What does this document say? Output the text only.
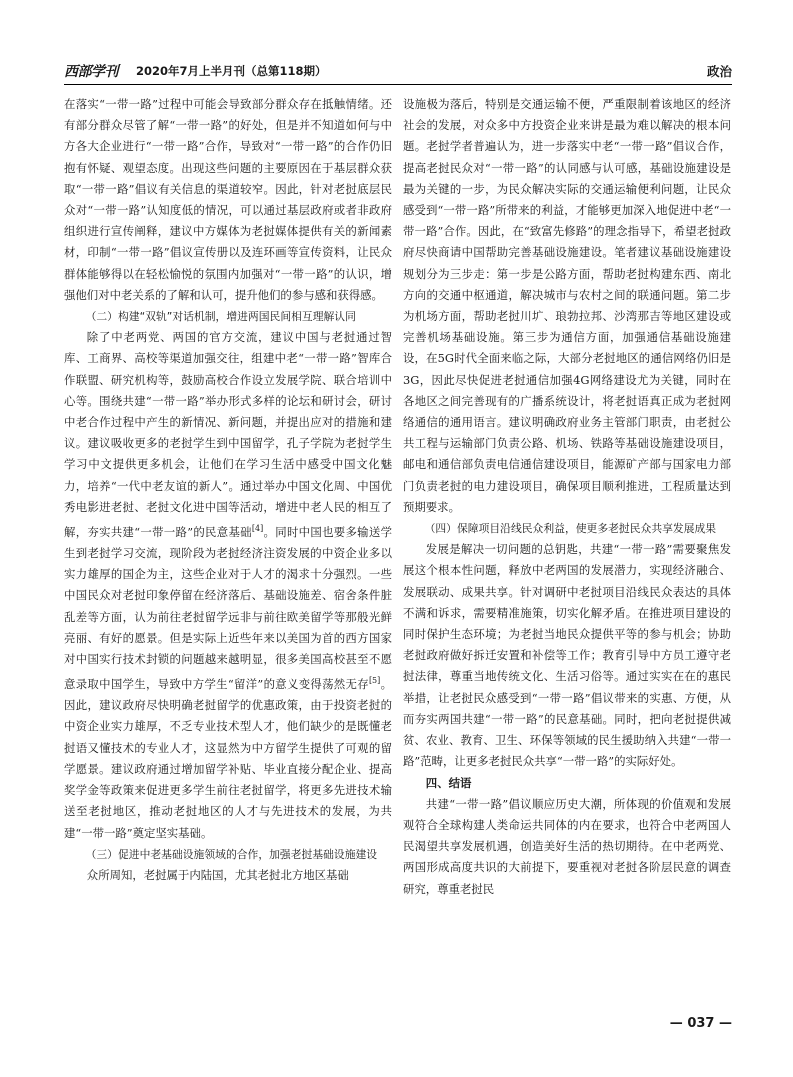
西部学刊 2020年7月上半月刊（总第118期）	政治

在落实“一带一路”过程中可能会导致部分群众存在抵触情绪。还有部分群众尽管了解“一带一路”的好处，但是并不知道如何与中方各大企业进行“一带一路”合作，导致对“一带一路”的合作仍旧抱有怀疑、观望态度。出现这些问题的主要原因在于基层群众获取“一带一路”倡议有关信息的渠道较窄。因此，针对老挝底层民众对“一带一路”认知度低的情况，可以通过基层政府或者非政府组织进行宣传阐释，建议中方媒体为老挝媒体提供有关的新闻素材，印制“一带一路”倡议宣传册以及连环画等宣传资料，让民众群体能够得以在轻松愉悦的氛围内加强对“一带一路”的认识，增强他们对中老关系的了解和认可，提升他们的参与感和获得感。

（二）构建“双轨”对话机制，增进两国民间相互理解认同

除了中老两党、两国的官方交流，建议中国与老挝通过智库、工商界、高校等渠道加强交往，组建中老“一带一路”智库合作联盟、研究机构等，鼓励高校合作设立发展学院、联合培训中心等。围绕共建“一带一路”举办形式多样的论坛和研讨会，研讨中老合作过程中产生的新情况、新问题，并提出应对的措施和建议。建议吸收更多的老挝学生到中国留学，孔子学院为老挝学生学习中文提供更多机会，让他们在学习生活中感受中国文化魅力，培养“一代中老友谊的新人”。通过举办中国文化周、中国优秀电影进老挝、老挝文化进中国等活动，增进中老人民的相互了解，夯实共建“一带一路”的民意基础[4]。同时中国也要多输送学生到老挝学习交流，现阶段为老挝经济注资发展的中资企业多以实力雄厚的国企为主，这些企业对于人才的渴求十分强烈。一些中国民众对老挝印象停留在经济落后、基础设施差、宿舍条件脏乱差等方面，认为前往老挝留学远非与前往欧美留学等那般光鲜亮丽、有好的愿景。但是实际上近些年来以美国为首的西方国家对中国实行技术封锁的问题越来越明显，很多美国高校甚至不愿意录取中国学生，导致中方学生“留洋”的意义变得荡然无存[5]。因此，建议政府尽快明确老挝留学的优惠政策，由于投资老挝的中资企业实力雄厚，不乏专业技术型人才，他们缺少的是既懂老挝语又懂技术的专业人才，这显然为中方留学生提供了可观的留学愿景。建议政府通过增加留学补贴、毕业直接分配企业、提高奖学金等政策来促进更多学生前往老挝留学，将更多先进技术输送至老挝地区，推动老挝地区的人才与先进技术的发展，为共建“一带一路”奠定坚实基础。

（三）促进中老基础设施领域的合作，加强老挝基础设施建设

众所周知，老挝属于内陆国，尤其老挝北方地区基础

设施极为落后，特别是交通运输不便，严重限制着该地区的经济社会的发展，对众多中方投资企业来讲是最为难以解决的根本问题。老挝学者普遍认为，进一步落实中老“一带一路”倡议合作，提高老挝民众对“一带一路”的认同感与认可感，基础设施建设是最为关键的一步，为民众解决实际的交通运输便利问题，让民众感受到“一带一路”所带来的利益，才能够更加深入地促进中老“一带一路”合作。因此，在“致富先修路”的理念指导下，希望老挝政府尽快商请中国帮助完善基础设施建设。笔者建议基础设施建设规划分为三步走：第一步是公路方面，帮助老挝构建东西、南北方向的交通中枢通道，解决城市与农村之间的联通问题。第二步为机场方面，帮助老挝川圹、琅勃拉邦、沙湾那吉等地区建设或完善机场基础设施。第三步为通信方面，加强通信基础设施建设，在5G时代全面来临之际，大部分老挝地区的通信网络仍旧是3G，因此尽快促进老挝通信加强4G网络建设尤为关键，同时在各地区之间完善现有的广播系统设计，将老挝语真正成为老挝网络通信的通用语言。建议明确政府业务主管部门职责，由老挝公共工程与运输部门负责公路、机场、铁路等基础设施建设项目，邮电和通信部负责电信通信建设项目，能源矿产部与国家电力部门负责老挝的电力建设项目，确保项目顺利推进，工程质量达到预期要求。

（四）保障项目沿线民众利益，使更多老挝民众共享发展成果

发展是解决一切问题的总钥匙，共建“一带一路”需要聚焦发展这个根本性问题，释放中老两国的发展潜力，实现经济融合、发展联动、成果共享。针对调研中老挝项目沿线民众表达的具体不满和诉求，需要精准施策，切实化解矛盾。在推进项目建设的同时保护生态环境；为老挝当地民众提供平等的参与机会；协助老挝政府做好拆迁安置和补偿等工作；教育引导中方员工遵守老挝法律，尊重当地传统文化、生活习俗等。通过实实在在的惠民举措，让老挝民众感受到“一带一路”倡议带来的实惠、方便，从而夯实两国共建“一带一路”的民意基础。同时，把向老挝提供减贫、农业、教育、卫生、环保等领域的民生援助纳入共建“一带一路”范畴，让更多老挝民众共享“一带一路”的实际好处。

四、结语

共建“一带一路”倡议顺应历史大潮，所体现的价值观和发展观符合全球构建人类命运共同体的内在要求，也符合中老两国人民渴望共享发展机遇，创造美好生活的热切期待。在中老两党、两国形成高度共识的大前提下，要重视对老挝各阶层民意的调查研究，尊重老挝民

— 037 —
